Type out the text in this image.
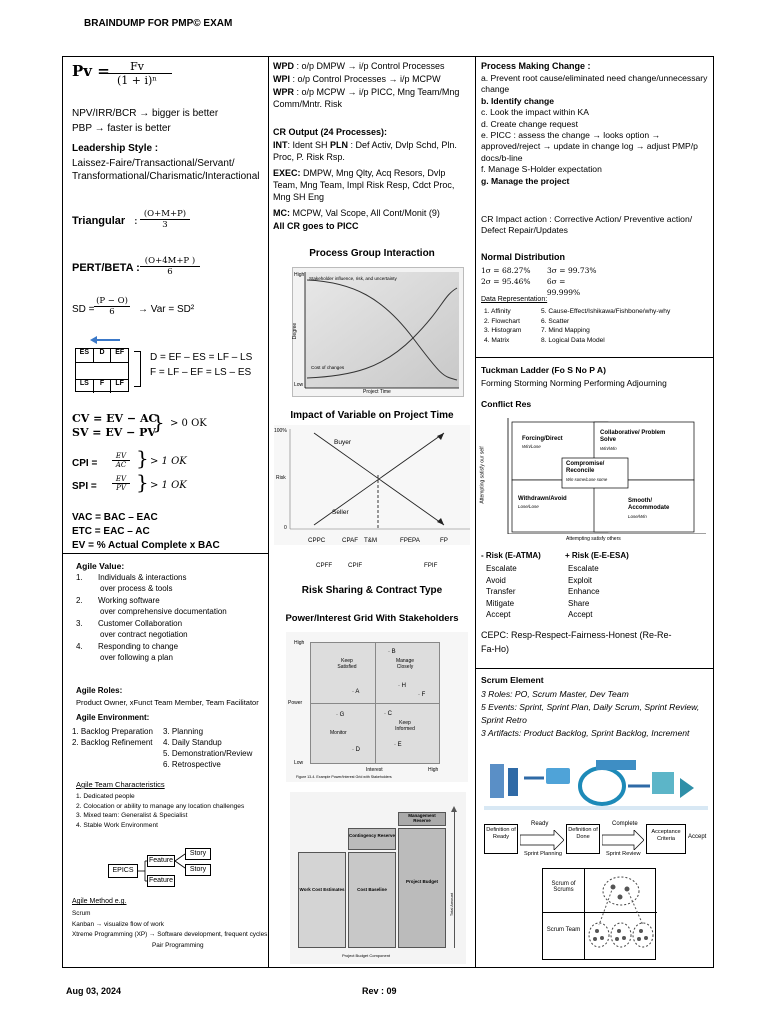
BRAINDUMP FOR PMP© EXAM
Pv =
$\frac{Fv}{\text{(1 + i)ⁿ}}$
NPV/IRR/BCR → bigger is better
PBP → faster is better
Leadership Style :
Laissez-Faire/Transactional/Servant/ Transformational/Charismatic/Interactional
Triangular : $\frac{(O+M+P)}{3}$
PERT/BETA : $\frac{(O+4M+P )}{6}$
SD = $\frac{(P - O)}{6}$ → Var = SD²
ES	D	EF
LS	F	LF
D = EF – ES = LF – LS
F = LF – EF = LS – ES
CV = EV − AC
SV = EV − PV
} > 0 OK
CPI = $\frac{EV}{AC}$
SPI = $\frac{EV}{PV}$
} > 1 OK
} > 1 OK
VAC = BAC – EAC
ETC = EAC – AC
EV = % Actual Complete x BAC
Agile Value:
1.	Individuals & interactions
over process & tools
2.	Working software
over comprehensive documentation
3.	Customer Collaboration
over contract negotiation
4.	Responding to change
over following a plan
Agile Roles:
Product Owner, xFunct Team Member, Team Facilitator
Agile Environment:
1. Backlog Preparation
2. Backlog Refinement
3. Planning
4. Daily Standup
5. Demonstration/Review
6. Retrospective
Agile Team Characteristics
1. Dedicated people
2. Colocation or ability to manage any location challenges
3. Mixed team: Generalist & Specialist
4. Stable Work Environment
EPICS
Feature
Feature
Story
Story
Agile Method e.g.
Scrum
Kanban → visualize flow of work
Xtreme Programming (XP) → Software development, frequent cycles,
Pair Programming
WPD : o/p DMPW → i/p Control Processes
WPI : o/p Control Processes → i/p MCPW
WPR : o/p MCPW → i/p PICC, Mng Team/Mng Comm/Mntr. Risk
CR Output (24 Processes):
INT: Ident SH PLN : Def Activ, Dvlp Schd, Pln. Proc, P. Risk Rsp.
EXEC: DMPW, Mng Qlty, Acq Resors, Dvlp Team, Mng Team, Impl Risk Resp, Cdct Proc, Mng SH Eng
MC: MCPW, Val Scope, All Cont/Monit (9)
All CR goes to PICC
Process Group Interaction
High
Low
Degree
Project Time
Stakeholder influence, risk, and uncertainty
Cost of changes
Impact of Variable on Project Time
100%
Risk
0
Buyer
Seller
CPPC	CPAF T&M	FPEPA	FP
CPFF	CPIF	FPIF
Risk Sharing & Contract Type
Power/Interest Grid With Stakeholders
High
Low
Power
Interest	High
Keep Satisfied
Manage Closely
Monitor
Keep Informed
· B
· H
· A	· F
· G	· C
· E
· D
Figure 13-4. Example Power/Interest Grid with Stakeholders
Management Reserve
Contingency Reserve
Project Budget
Cost Baseline
Work Cost Estimates
Total Amount
Project Budget Component
Process Making Change :
a. Prevent root cause/eliminated need change/unnecessary change
b. Identify change
c. Look the impact within KA
d. Create change request
e. PICC : assess the change → looks option → approved/reject → update in change log → adjust PMP/p docs/b-line
f. Manage S-Holder expectation
g. Manage the project
CR Impact action : Corrective Action/ Preventive action/ Defect Repair/Updates
Normal Distribution
1σ = 68.27%	3σ = 99.73%
2σ = 95.46%	6σ = 99.999%
Data Representation:
1. Affinity
2. Flowchart
3. Histogram
4. Matrix
5. Cause-Effect/Ishikawa/Fishbone/why-why
6. Scatter
7. Mind Mapping
8. Logical Data Model
Tuckman Ladder (Fo S No P A)
Forming Storming Norming Performing Adjourning
Conflict Res
Forcing/Direct
Win/Lose
Collaborative/ Problem Solve
Win/Win
Compromise/ Reconcile
Win some/Lose some
Withdrawn/Avoid
Lose/Lose
Smooth/ Accommodate
Lose/Win
Attempting satisfy our self
Attempting satisfy others
- Risk (E-ATMA)
Escalate
Avoid
Transfer
Mitigate
Accept
+ Risk (E-E-ESA)
Escalate
Exploit
Enhance
Share
Accept
CEPC: Resp-Respect-Fairness-Honest (Re-Re-Fa-Ho)
Scrum Element
3 Roles: PO, Scrum Master, Dev Team
5 Events: Sprint, Sprint Plan, Daily Scrum, Sprint Review, Sprint Retro
3 Artifacts: Product Backlog, Sprint Backlog, Increment
Definition of Ready
Ready
Definition of Done
Complete
Acceptance Criteria	Accept
Sprint Planning	Sprint Review
Scrum of Scrums
Scrum Team
Aug 03, 2024	Rev : 09
